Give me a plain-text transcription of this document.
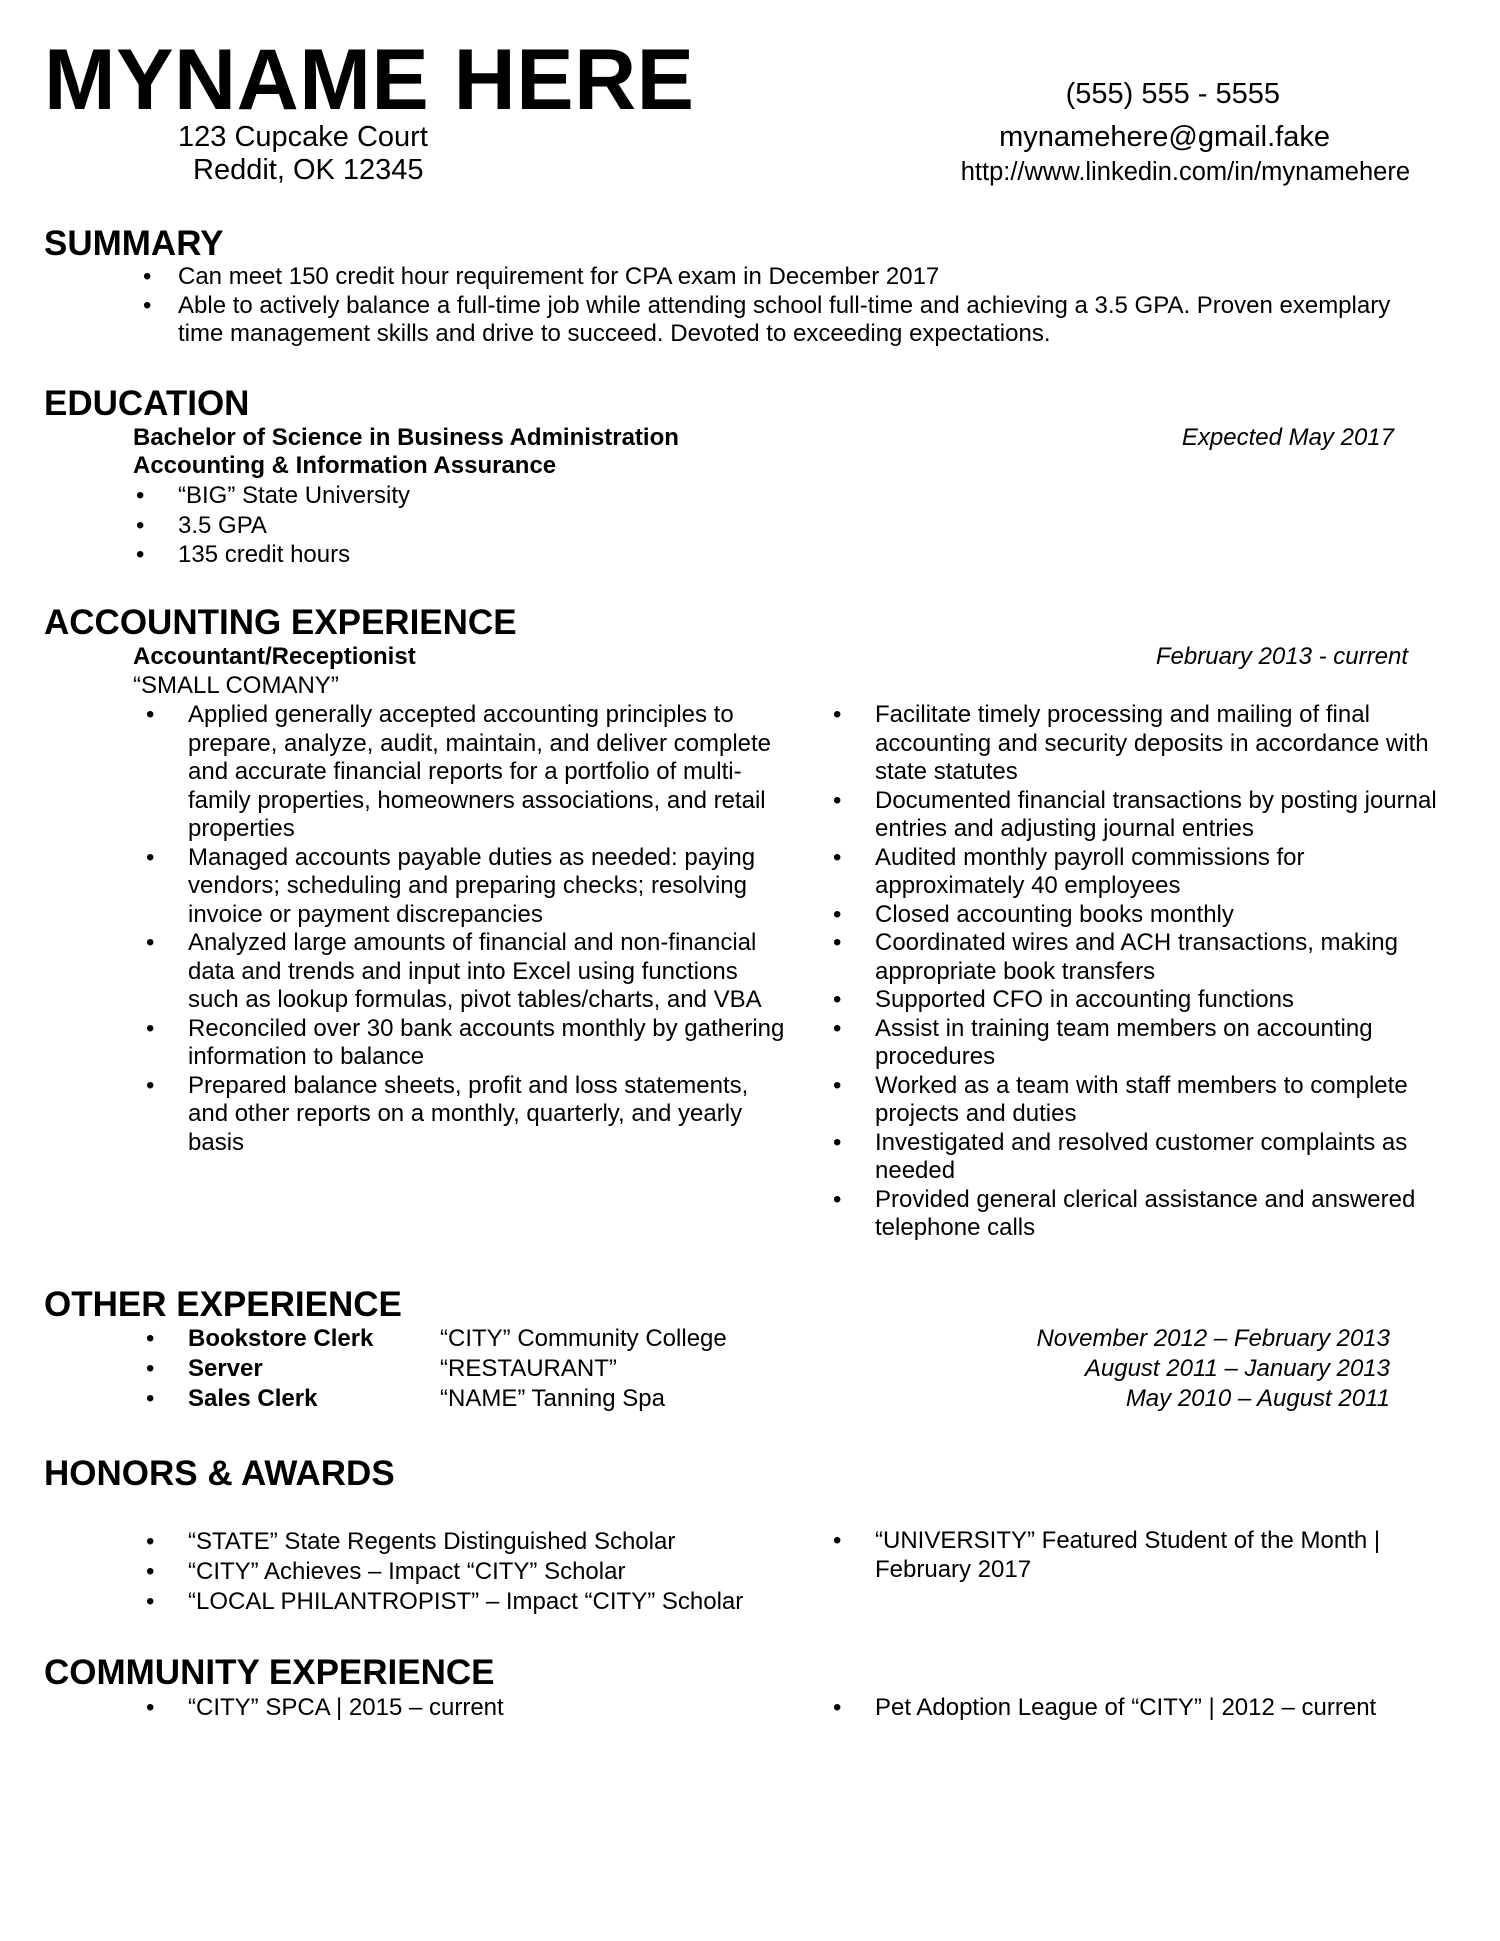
MYNAME HERE
123 Cupcake Court
Reddit, OK 12345
(555) 555 - 5555
mynamehere@gmail.fake
http://www.linkedin.com/in/mynamehere
SUMMARY
• Can meet 150 credit hour requirement for CPA exam in December 2017
• Able to actively balance a full-time job while attending school full-time and achieving a 3.5 GPA. Proven exemplary time management skills and drive to succeed. Devoted to exceeding expectations.
EDUCATION
Bachelor of Science in Business Administration
Accounting & Information Assurance
Expected May 2017
• “BIG” State University
• 3.5 GPA
• 135 credit hours
ACCOUNTING EXPERIENCE
Accountant/Receptionist	February 2013 - current
“SMALL COMANY”
• Applied generally accepted accounting principles to prepare, analyze, audit, maintain, and deliver complete and accurate financial reports for a portfolio of multi-family properties, homeowners associations, and retail properties
• Managed accounts payable duties as needed: paying vendors; scheduling and preparing checks; resolving invoice or payment discrepancies
• Analyzed large amounts of financial and non-financial data and trends and input into Excel using functions such as lookup formulas, pivot tables/charts, and VBA
• Reconciled over 30 bank accounts monthly by gathering information to balance
• Prepared balance sheets, profit and loss statements, and other reports on a monthly, quarterly, and yearly basis
• Facilitate timely processing and mailing of final accounting and security deposits in accordance with state statutes
• Documented financial transactions by posting journal entries and adjusting journal entries
• Audited monthly payroll commissions for approximately 40 employees
• Closed accounting books monthly
• Coordinated wires and ACH transactions, making appropriate book transfers
• Supported CFO in accounting functions
• Assist in training team members on accounting procedures
• Worked as a team with staff members to complete projects and duties
• Investigated and resolved customer complaints as needed
• Provided general clerical assistance and answered telephone calls
OTHER EXPERIENCE
• Bookstore Clerk	“CITY” Community College	November 2012 – February 2013
• Server	“RESTAURANT”	August 2011 – January 2013
• Sales Clerk	“NAME” Tanning Spa	May 2010 – August 2011
HONORS & AWARDS
• “STATE” State Regents Distinguished Scholar
• “CITY” Achieves – Impact “CITY” Scholar
• “LOCAL PHILANTROPIST” – Impact “CITY” Scholar
• “UNIVERSITY” Featured Student of the Month | February 2017
COMMUNITY EXPERIENCE
• “CITY” SPCA | 2015 – current	• Pet Adoption League of “CITY” | 2012 – current
